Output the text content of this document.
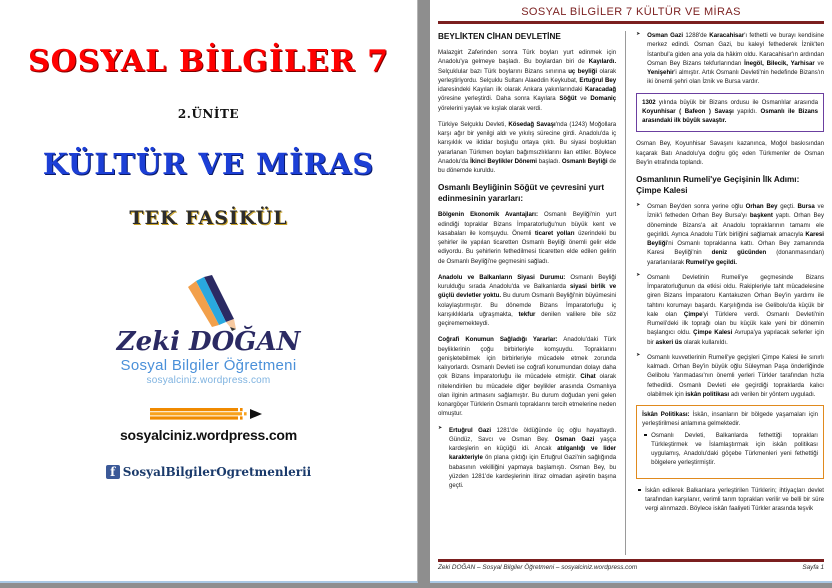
SOSYAL BİLGİLER 7
2.ÜNİTE
KÜLTÜR VE MİRAS
TEK FASİKÜL
Zeki DOĞAN
Sosyal Bilgiler Öğretmeni
sosyalciniz.wordpress.com
sosyalciniz.wordpress.com
f SosyalBilgilerOgretmenlerii
SOSYAL BİLGİLER 7 KÜLTÜR VE MİRAS
BEYLİKTEN CİHAN DEVLETİNE

Malazgirt Zaferinden sonra Türk boyları yurt edinmek için Anadolu'ya gelmeye başladı. Bu boylardan biri de Kayılardı. Selçuklular bazı Türk boylarını Bizans sınırına uç beyliği olarak yerleştiriyordu. Selçuklu Sultanı Alaeddin Keykubat, Ertuğrul Bey idaresindeki Kayıları ilk olarak Ankara yakınlarındaki Karacadağ yöresine yerleştirdi. Daha sonra Kayılara Söğüt ve Domaniç yörelerini yaylak ve kışlak olarak verdi.

Türkiye Selçuklu Devleti, Kösedağ Savaşı'nda (1243) Moğollara karşı ağır bir yenilgi aldı ve yıkılış sürecine girdi. Anadolu'da iç karışıklık ve iktidar boşluğu ortaya çıktı. Bu siyasi boşluktan yararlanan Türkmen boyları bağımsızlıklarını ilan ettiler. Böylece Anadolu'da İkinci Beylikler Dönemi başladı. Osmanlı Beyliği de bu dönemde kuruldu.

Osmanlı Beyliğinin Söğüt ve çevresini yurt edinmesinin yararları:

Bölgenin Ekonomik Avantajları: Osmanlı Beyliği'nin yurt edindiği topraklar Bizans İmparatorluğu'nun büyük kent ve kasabaları ile komşuydu. Önemli ticaret yolları üzerindeki bu şehirler ile yapılan ticaretten Osmanlı Beyliği önemli gelir elde ediyordu. Bu şehirlerin fethedilmesi ticaretten elde edilen gelirin de Osmanlı Beyliği'ne geçmesini sağladı.

Anadolu ve Balkanların Siyasi Durumu: Osmanlı Beyliği kurulduğu sırada Anadolu'da ve Balkanlarda siyasi birlik ve güçlü devletler yoktu. Bu durum Osmanlı Beyliği'nin büyümesini kolaylaştırmıştır. Bu dönemde Bizans İmparatorluğu iç karışıklıklarla uğraşmakta, tekfur denilen valilere bile söz geçirememekteydi.

Coğrafi Konumun Sağladığı Yararlar: Anadolu'daki Türk beyliklerinin çoğu birbirleriyle komşuydu. Topraklarını genişletebilmek için birbirleriyle mücadele etmek zorunda kalıyorlardı. Osmanlı Devleti ise coğrafi konumundan dolayı daha çok Bizans İmparatorluğu ile mücadele etmiştir. Cihat olarak nitelendirilen bu mücadele diğer beylikler arasında Osmanlıya olan ilginin artmasını sağlamıştır. Bu durum doğudan yeni gelen konargöçer Türklerin Osmanlı topraklarını tercih etmelerine neden olmuştur.

➤ Ertuğrul Gazi 1281'de öldüğünde üç oğlu hayattaydı. Gündüz, Savcı ve Osman Bey. Osman Gazi yaşça kardeşlerin en küçüğü idi. Ancak atılganlığı ve lider karakteriyle ön plana çıktığı için Ertuğrul Gazi'nin sağlığında babasının vekilliğini yapmaya başlamıştı. Osman Bey, bu yüzden 1281'de kardeşlerinin itiraz olmadan aşiretin başına geçti.
➤ Osman Gazi 1288'de Karacahisar'ı fethetti ve burayı kendisine merkez edindi. Osman Gazi, bu kaleyi fethederek İznik'ten İstanbul'a giden ana yola da hâkim oldu. Karacahisar'ın ardından Osman Bey Bizans tekfurlarından İnegöl, Bilecik, Yarhisar ve Yenişehir'i almıştır. Artık Osmanlı Devleti'nin hedefinde Bizans'ın iki önemli şehri olan İznik ve Bursa vardır.

1302 yılında büyük bir Bizans ordusu ile Osmanlılar arasında Koyunhisar ( Bafeon ) Savaşı yapıldı. Osmanlı ile Bizans arasındaki ilk büyük savaştır.

Osman Bey, Koyunhisar Savaşını kazanınca, Moğol baskısından kaçarak Batı Anadolu'ya doğru göç eden Türkmenler de Osman Bey'in etrafında toplandı.

Osmanlının Rumeli'ye Geçişinin İlk Adımı: Çimpe Kalesi
➤ Osman Bey'den sonra yerine oğlu Orhan Bey geçti. Bursa ve İznik'i fetheden Orhan Bey Bursa'yı başkent yaptı. Orhan Bey döneminde Bizans'a ait Anadolu topraklarının tamamı ele geçirildi. Ayrıca Anadolu Türk birliğini sağlamak amacıyla Karesi Beyliği'ni Osmanlı topraklarına kattı. Orhan Bey zamanında Karesi Beyliği'nin deniz gücünden (donanmasından) yararlanılarak Rumeli'ye geçildi.
➤ Osmanlı Devletinin Rumeli'ye geçmesinde Bizans İmparatorluğunun da etkisi oldu. Rakipleriyle taht mücadelesine giren Bizans İmparatoru Kantakuzen Orhan Bey'in yardımı ile tahtını korumayı başardı. Karşılığında ise Gelibolu'da küçük bir kale olan Çimpe'yi Türklere verdi. Osmanlı Devleti'nin Rumeli'deki ilk toprağı olan bu küçük kale yeni bir dönemin başlangıcı oldu. Çimpe Kalesi Avrupa'ya yapılacak seferler için bir askeri üs olarak kullanıldı.
➤ Osmanlı kuvvetlerinin Rumeli'ye geçişleri Çimpe Kalesi ile sınırlı kalmadı. Orhan Bey'in büyük oğlu Süleyman Paşa önderliğinde Gelibolu Yarımadası'nın önemli yerleri Türkler tarafından hızla fethedildi. Osmanlı Devleti ele geçirdiği topraklarda kalıcı olabilmek için iskân politikası adı verilen bir yöntem uyguladı.

İskân Politikası: İskân, insanların bir bölgede yaşamaları için yerleştirilmesi anlamına gelmektedir.

Osmanlı Devleti, Balkanlarda fethettiği toprakları Türkleştirmek ve İslamlaştırmak için iskân politikası uygulamış, Anadolu'daki göçebe Türkmenleri yeni fethettiği bölgelere yerleştirmiştir.
İskân edilerek Balkanlara yerleştirilen Türklerin; ihtiyaçları devlet tarafından karşılanır, verimli tarım toprakları verilir ve belli bir süre vergi alınmazdı. Böylece iskân faaliyeti Türkler arasında teşvik
Zeki DOĞAN – Sosyal Bilgiler Öğretmeni – sosyalciniz.wordpress.com	Sayfa 1
